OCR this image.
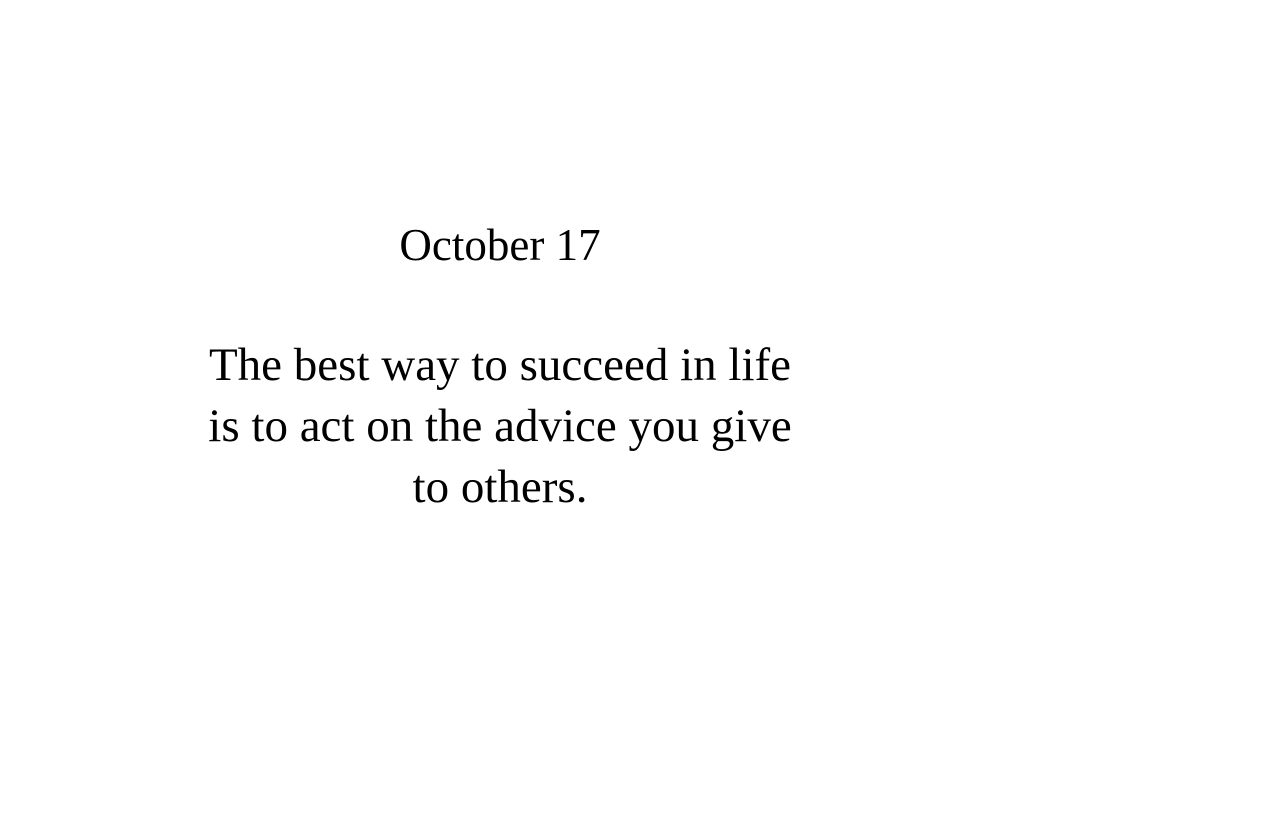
October 17
The best way to succeed in life
is to act on the advice you give
to others.
